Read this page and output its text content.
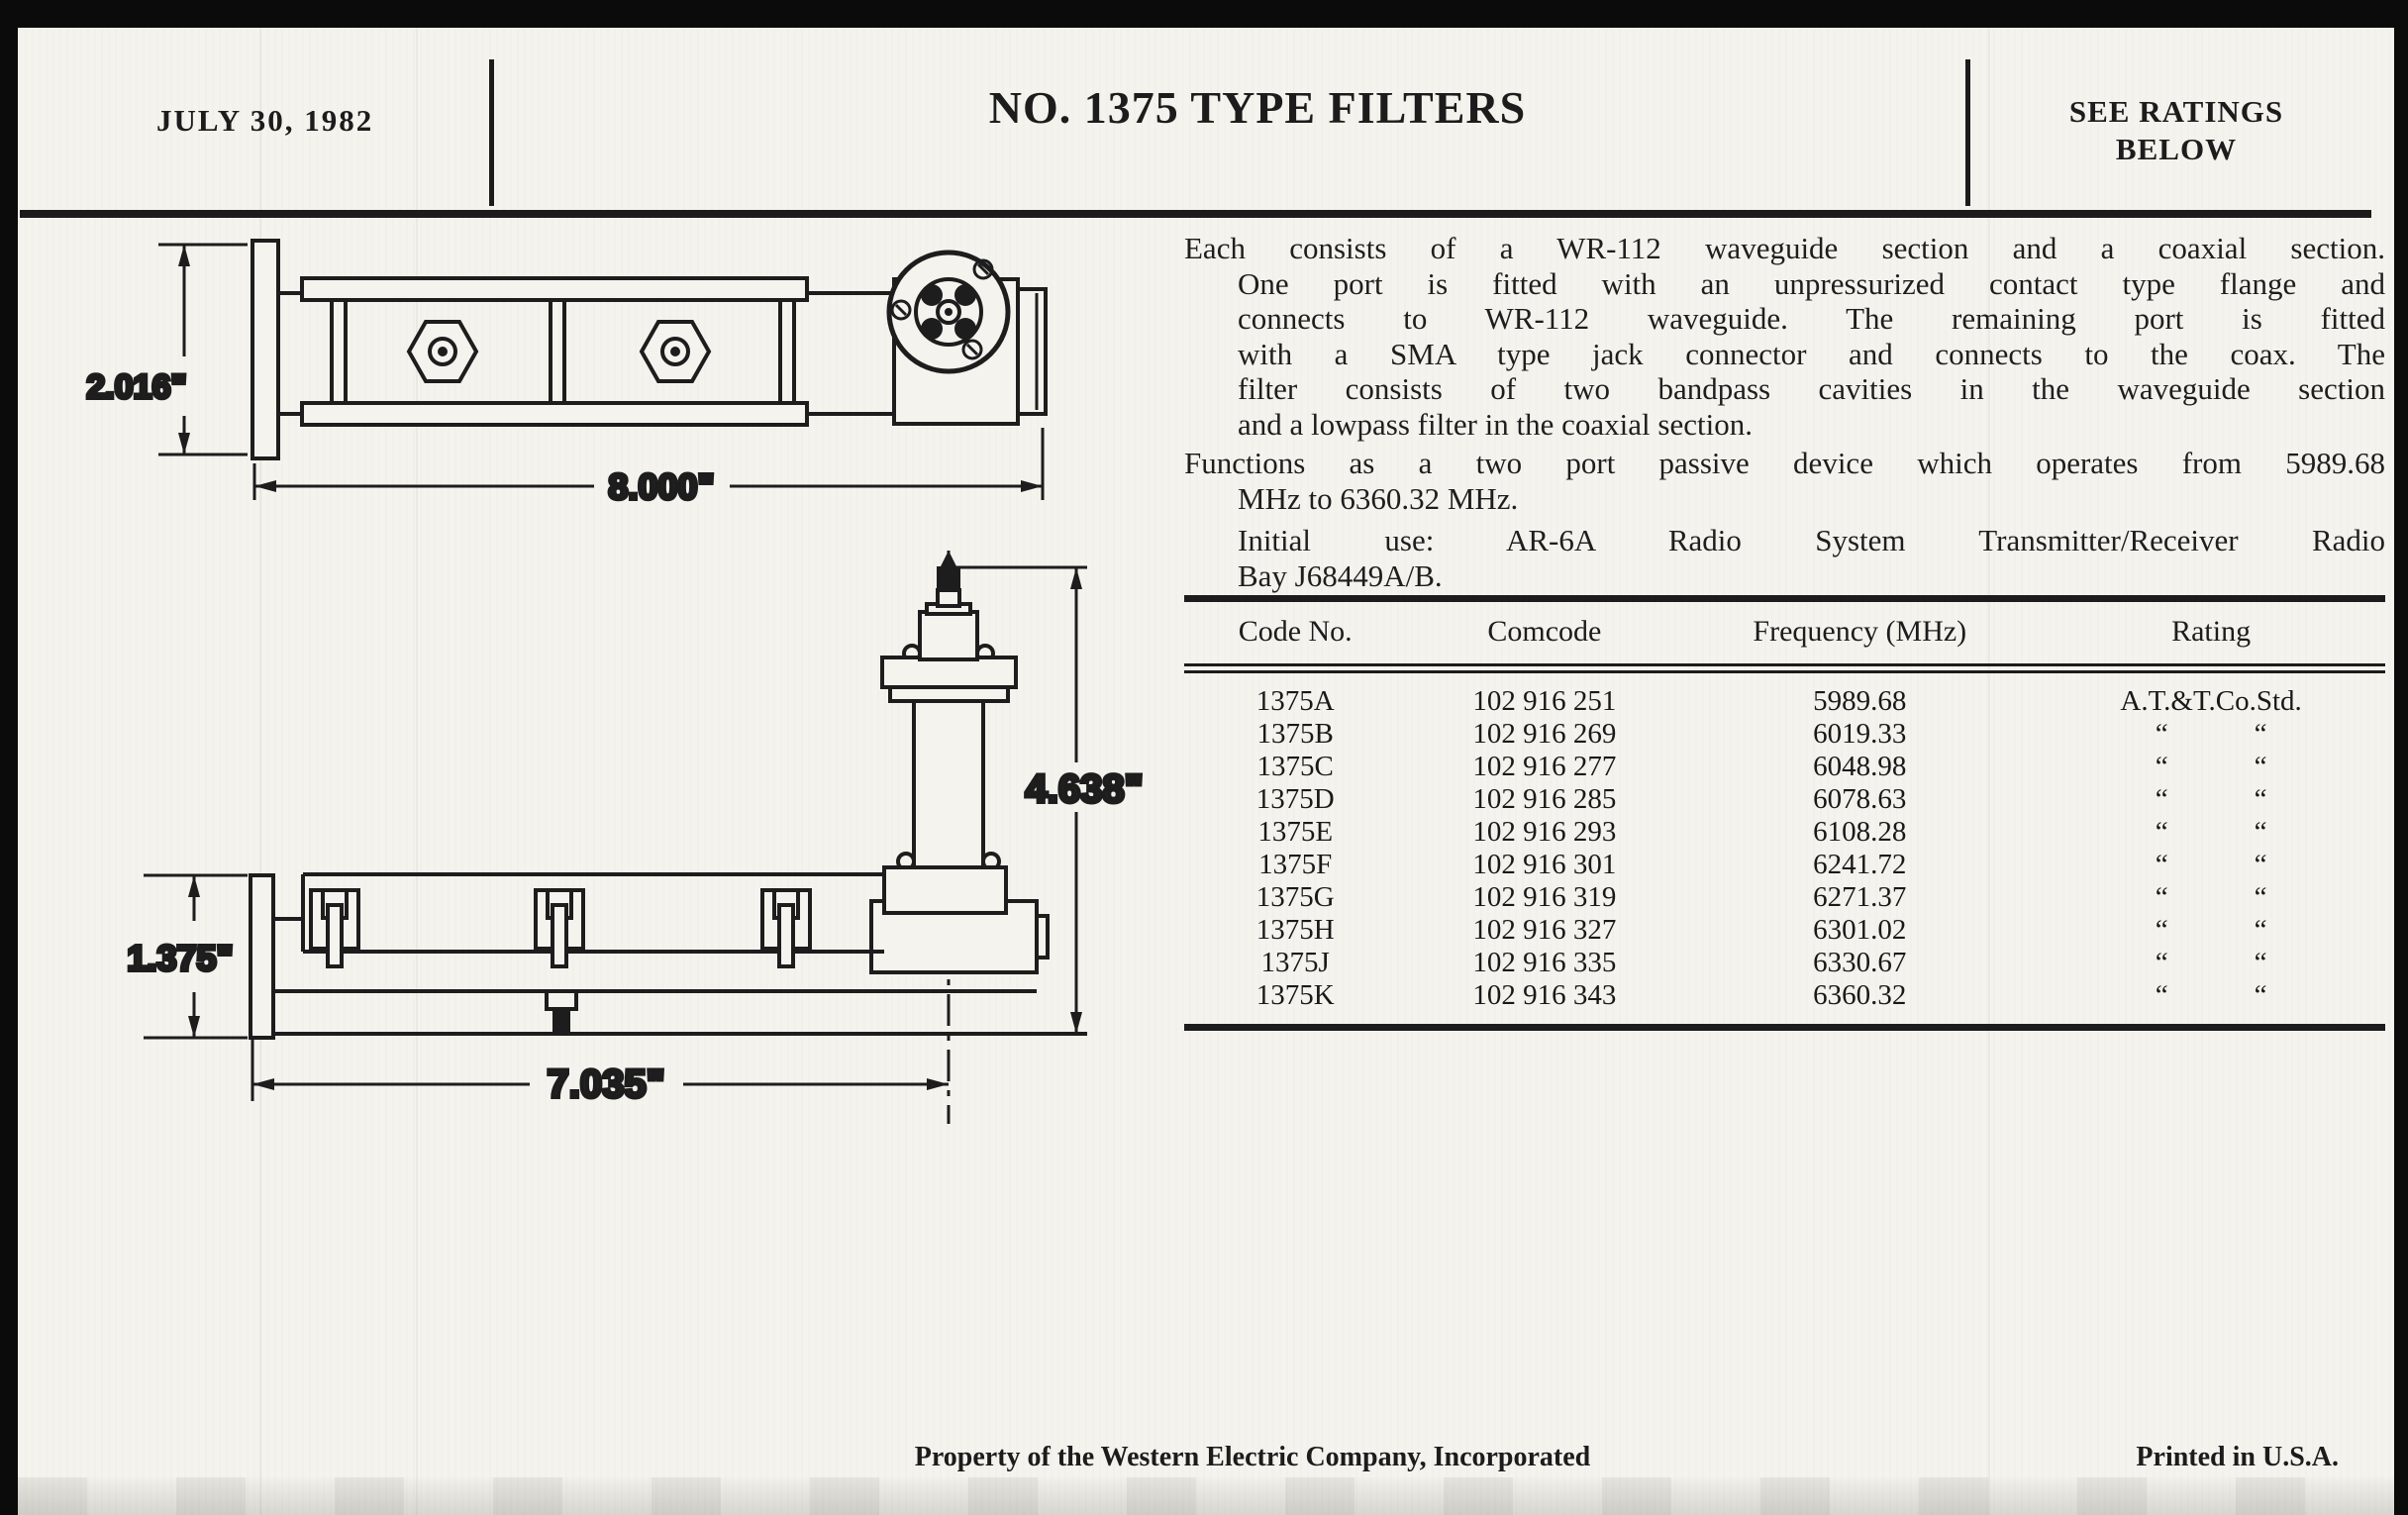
JULY 30, 1982	NO. 1375 TYPE FILTERS	SEE RATINGS
BELOW
2.016"
8.000"
1.375"
4.638"
7.035"
Each consists of a WR-112 waveguide section and a coaxial section.
One port is fitted with an unpressurized contact type flange and
connects to WR-112 waveguide. The remaining port is fitted
with a SMA type jack connector and connects to the coax. The
filter consists of two bandpass cavities in the waveguide section
and a lowpass filter in the coaxial section.
Functions as a two port passive device which operates from 5989.68
MHz to 6360.32 MHz.
Initial use: AR-6A Radio System Transmitter/Receiver Radio
Bay J68449A/B.
Code No.	Comcode	Frequency (MHz)	Rating

1375A	102 916 251	5989.68	A.T.&T.Co.Std.
1375B	102 916 269	6019.33	“   “
1375C	102 916 277	6048.98	“   “
1375D	102 916 285	6078.63	“   “
1375E	102 916 293	6108.28	“   “
1375F	102 916 301	6241.72	“   “
1375G	102 916 319	6271.37	“   “
1375H	102 916 327	6301.02	“   “
1375J	102 916 335	6330.67	“   “
1375K	102 916 343	6360.32	“   “
Property of the Western Electric Company, Incorporated	Printed in U.S.A.
